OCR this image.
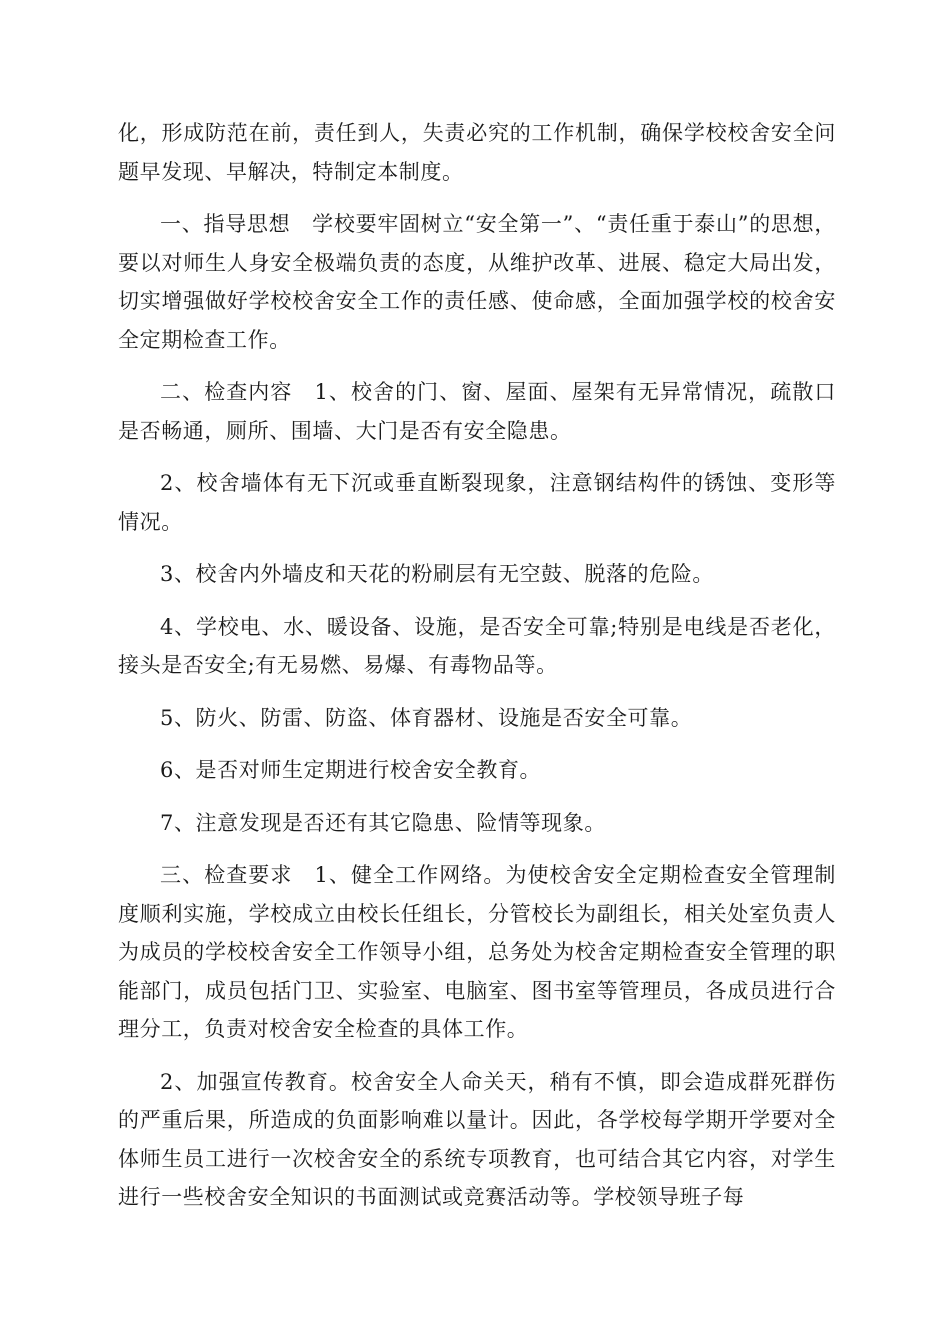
化，形成防范在前，责任到人，失责必究的工作机制，确保学校校舍安全问题早发现、早解决，特制定本制度。

一、指导思想　学校要牢固树立“安全第一”、“责任重于泰山”的思想，要以对师生人身安全极端负责的态度，从维护改革、进展、稳定大局出发，切实增强做好学校校舍安全工作的责任感、使命感，全面加强学校的校舍安全定期检查工作。

二、检查内容　1、校舍的门、窗、屋面、屋架有无异常情况，疏散口是否畅通，厕所、围墙、大门是否有安全隐患。

2、校舍墙体有无下沉或垂直断裂现象，注意钢结构件的锈蚀、变形等情况。

3、校舍内外墙皮和天花的粉刷层有无空鼓、脱落的危险。

4、学校电、水、暖设备、设施，是否安全可靠;特别是电线是否老化，接头是否安全;有无易燃、易爆、有毒物品等。

5、防火、防雷、防盗、体育器材、设施是否安全可靠。

6、是否对师生定期进行校舍安全教育。

7、注意发现是否还有其它隐患、险情等现象。

三、检查要求　1、健全工作网络。为使校舍安全定期检查安全管理制度顺利实施，学校成立由校长任组长，分管校长为副组长，相关处室负责人为成员的学校校舍安全工作领导小组，总务处为校舍定期检查安全管理的职能部门，成员包括门卫、实验室、电脑室、图书室等管理员，各成员进行合理分工，负责对校舍安全检查的具体工作。

2、加强宣传教育。校舍安全人命关天，稍有不慎，即会造成群死群伤的严重后果，所造成的负面影响难以量计。因此，各学校每学期开学要对全体师生员工进行一次校舍安全的系统专项教育，也可结合其它内容，对学生进行一些校舍安全知识的书面测试或竞赛活动等。学校领导班子每
